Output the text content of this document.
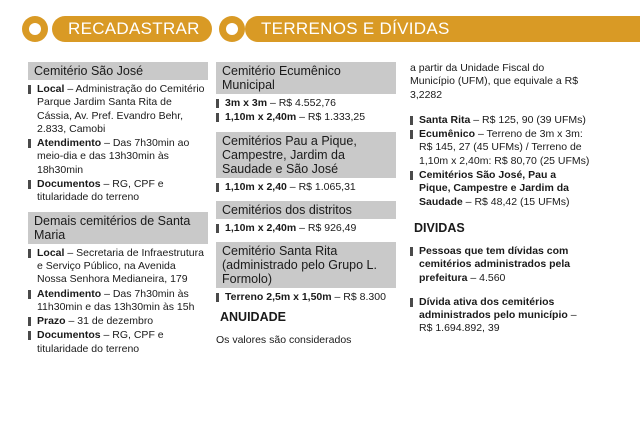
RECADASTRAR	TERRENOS E DÍVIDAS
Cemitério São José
Local – Administração do Cemitério Parque Jardim Santa Rita de Cássia, Av. Pref. Evandro Behr, 2.833, Camobi
Atendimento – Das 7h30min ao meio-dia e das 13h30min às 18h30min
Documentos – RG, CPF e titularidade do terreno
Demais cemitérios de Santa Maria
Local – Secretaria de Infraestrutura e Serviço Público, na Avenida Nossa Senhora Medianeira, 179
Atendimento – Das 7h30min às 11h30min e das 13h30min às 15h
Prazo – 31 de dezembro
Documentos – RG, CPF e titularidade do terreno
Cemitério Ecumênico Municipal
3m x 3m – R$ 4.552,76
1,10m x 2,40m – R$ 1.333,25
Cemitérios Pau a Pique, Campestre, Jardim da Saudade e São José
1,10m x 2,40 – R$ 1.065,31
Cemitérios dos distritos
1,10m x 2,40m – R$ 926,49
Cemitério Santa Rita (administrado pelo Grupo L. Formolo)
Terreno 2,5m x 1,50m – R$ 8.300
ANUIDADE
Os valores são considerados
a partir da Unidade Fiscal do Município (UFM), que equivale a R$ 3,2282
Santa Rita – R$ 125, 90 (39 UFMs)
Ecumênico – Terreno de 3m x 3m: R$ 145, 27 (45 UFMs) / Terreno de 1,10m x 2,40m: R$ 80,70 (25 UFMs)
Cemitérios São José, Pau a Pique, Campestre e Jardim da Saudade – R$ 48,42 (15 UFMs)
DIVIDAS
Pessoas que tem dívidas com cemitérios administrados pela prefeitura – 4.560
Dívida ativa dos cemitérios administrados pelo município – R$ 1.694.892, 39
